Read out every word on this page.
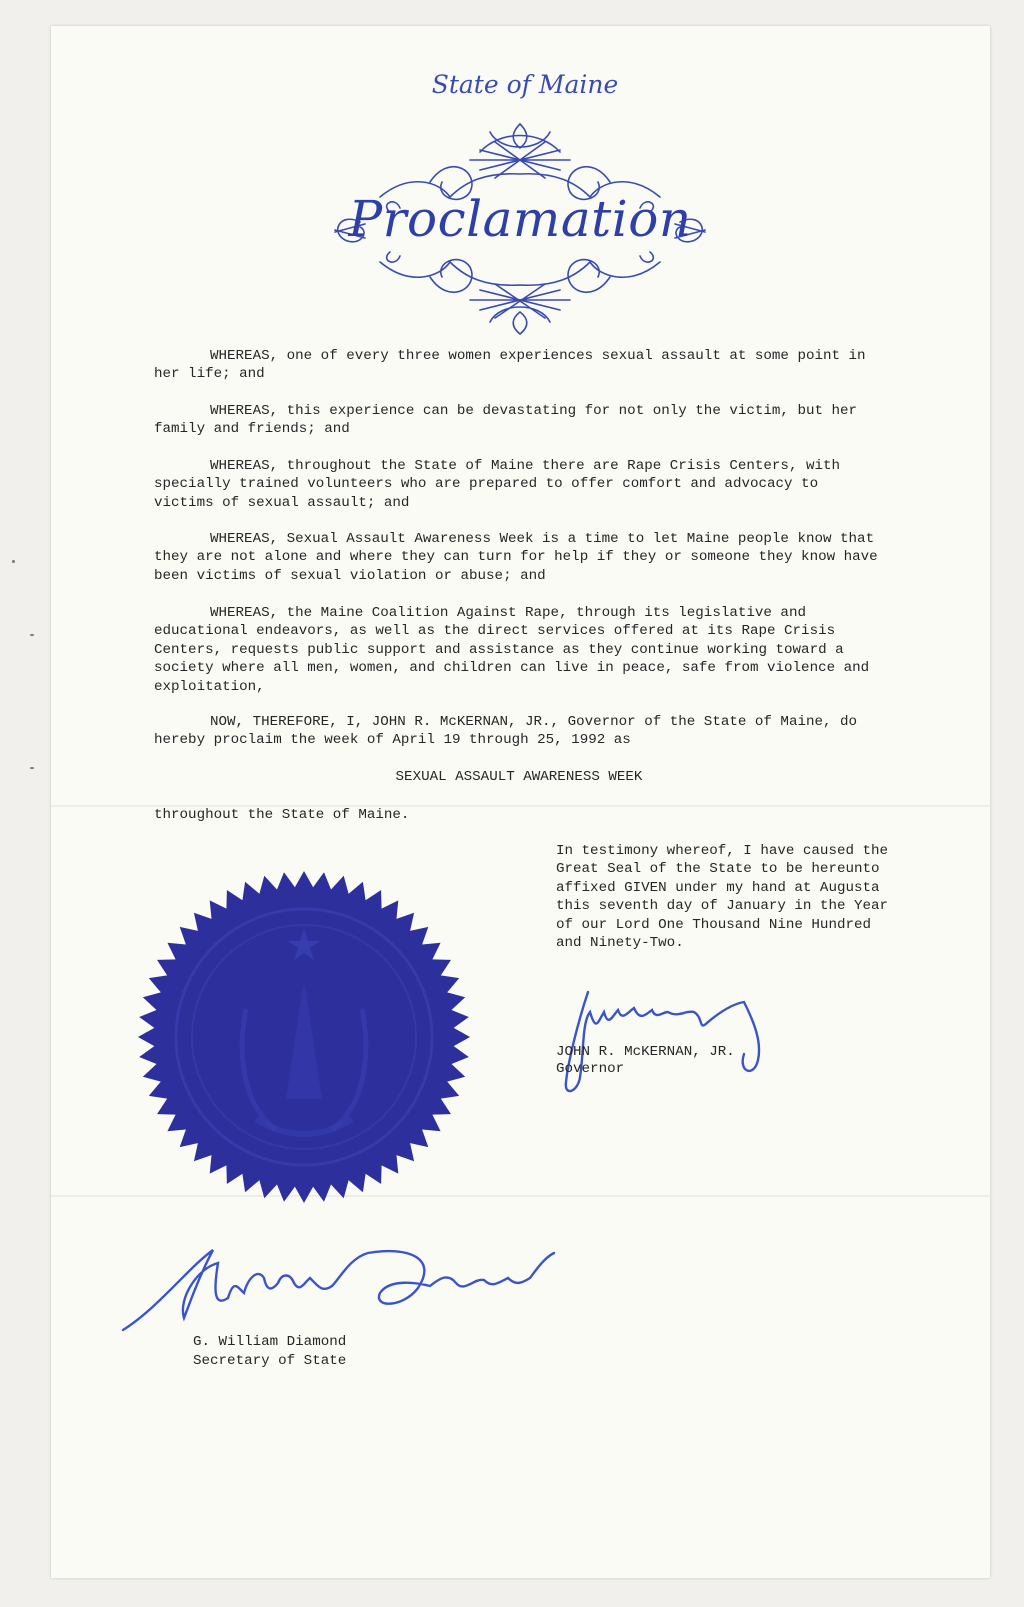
State of Maine
Proclamation
WHEREAS, one of every three women experiences sexual assault at some point in her life; and
WHEREAS, this experience can be devastating for not only the victim, but her family and friends; and
WHEREAS, throughout the State of Maine there are Rape Crisis Centers, with specially trained volunteers who are prepared to offer comfort and advocacy to victims of sexual assault; and
WHEREAS, Sexual Assault Awareness Week is a time to let Maine people know that they are not alone and where they can turn for help if they or someone they know have been victims of sexual violation or abuse; and
WHEREAS, the Maine Coalition Against Rape, through its legislative and educational endeavors, as well as the direct services offered at its Rape Crisis Centers, requests public support and assistance as they continue working toward a society where all men, women, and children can live in peace, safe from violence and exploitation,
NOW, THEREFORE, I, JOHN R. McKERNAN, JR., Governor of the State of Maine, do hereby proclaim the week of April 19 through 25, 1992 as
SEXUAL ASSAULT AWARENESS WEEK
throughout the State of Maine.
In testimony whereof, I have caused the Great Seal of the State to be hereunto affixed GIVEN under my hand at Augusta this seventh day of January in the Year of our Lord One Thousand Nine Hundred and Ninety-Two.
JOHN R. McKERNAN, JR.
Governor
G. William Diamond
Secretary of State
